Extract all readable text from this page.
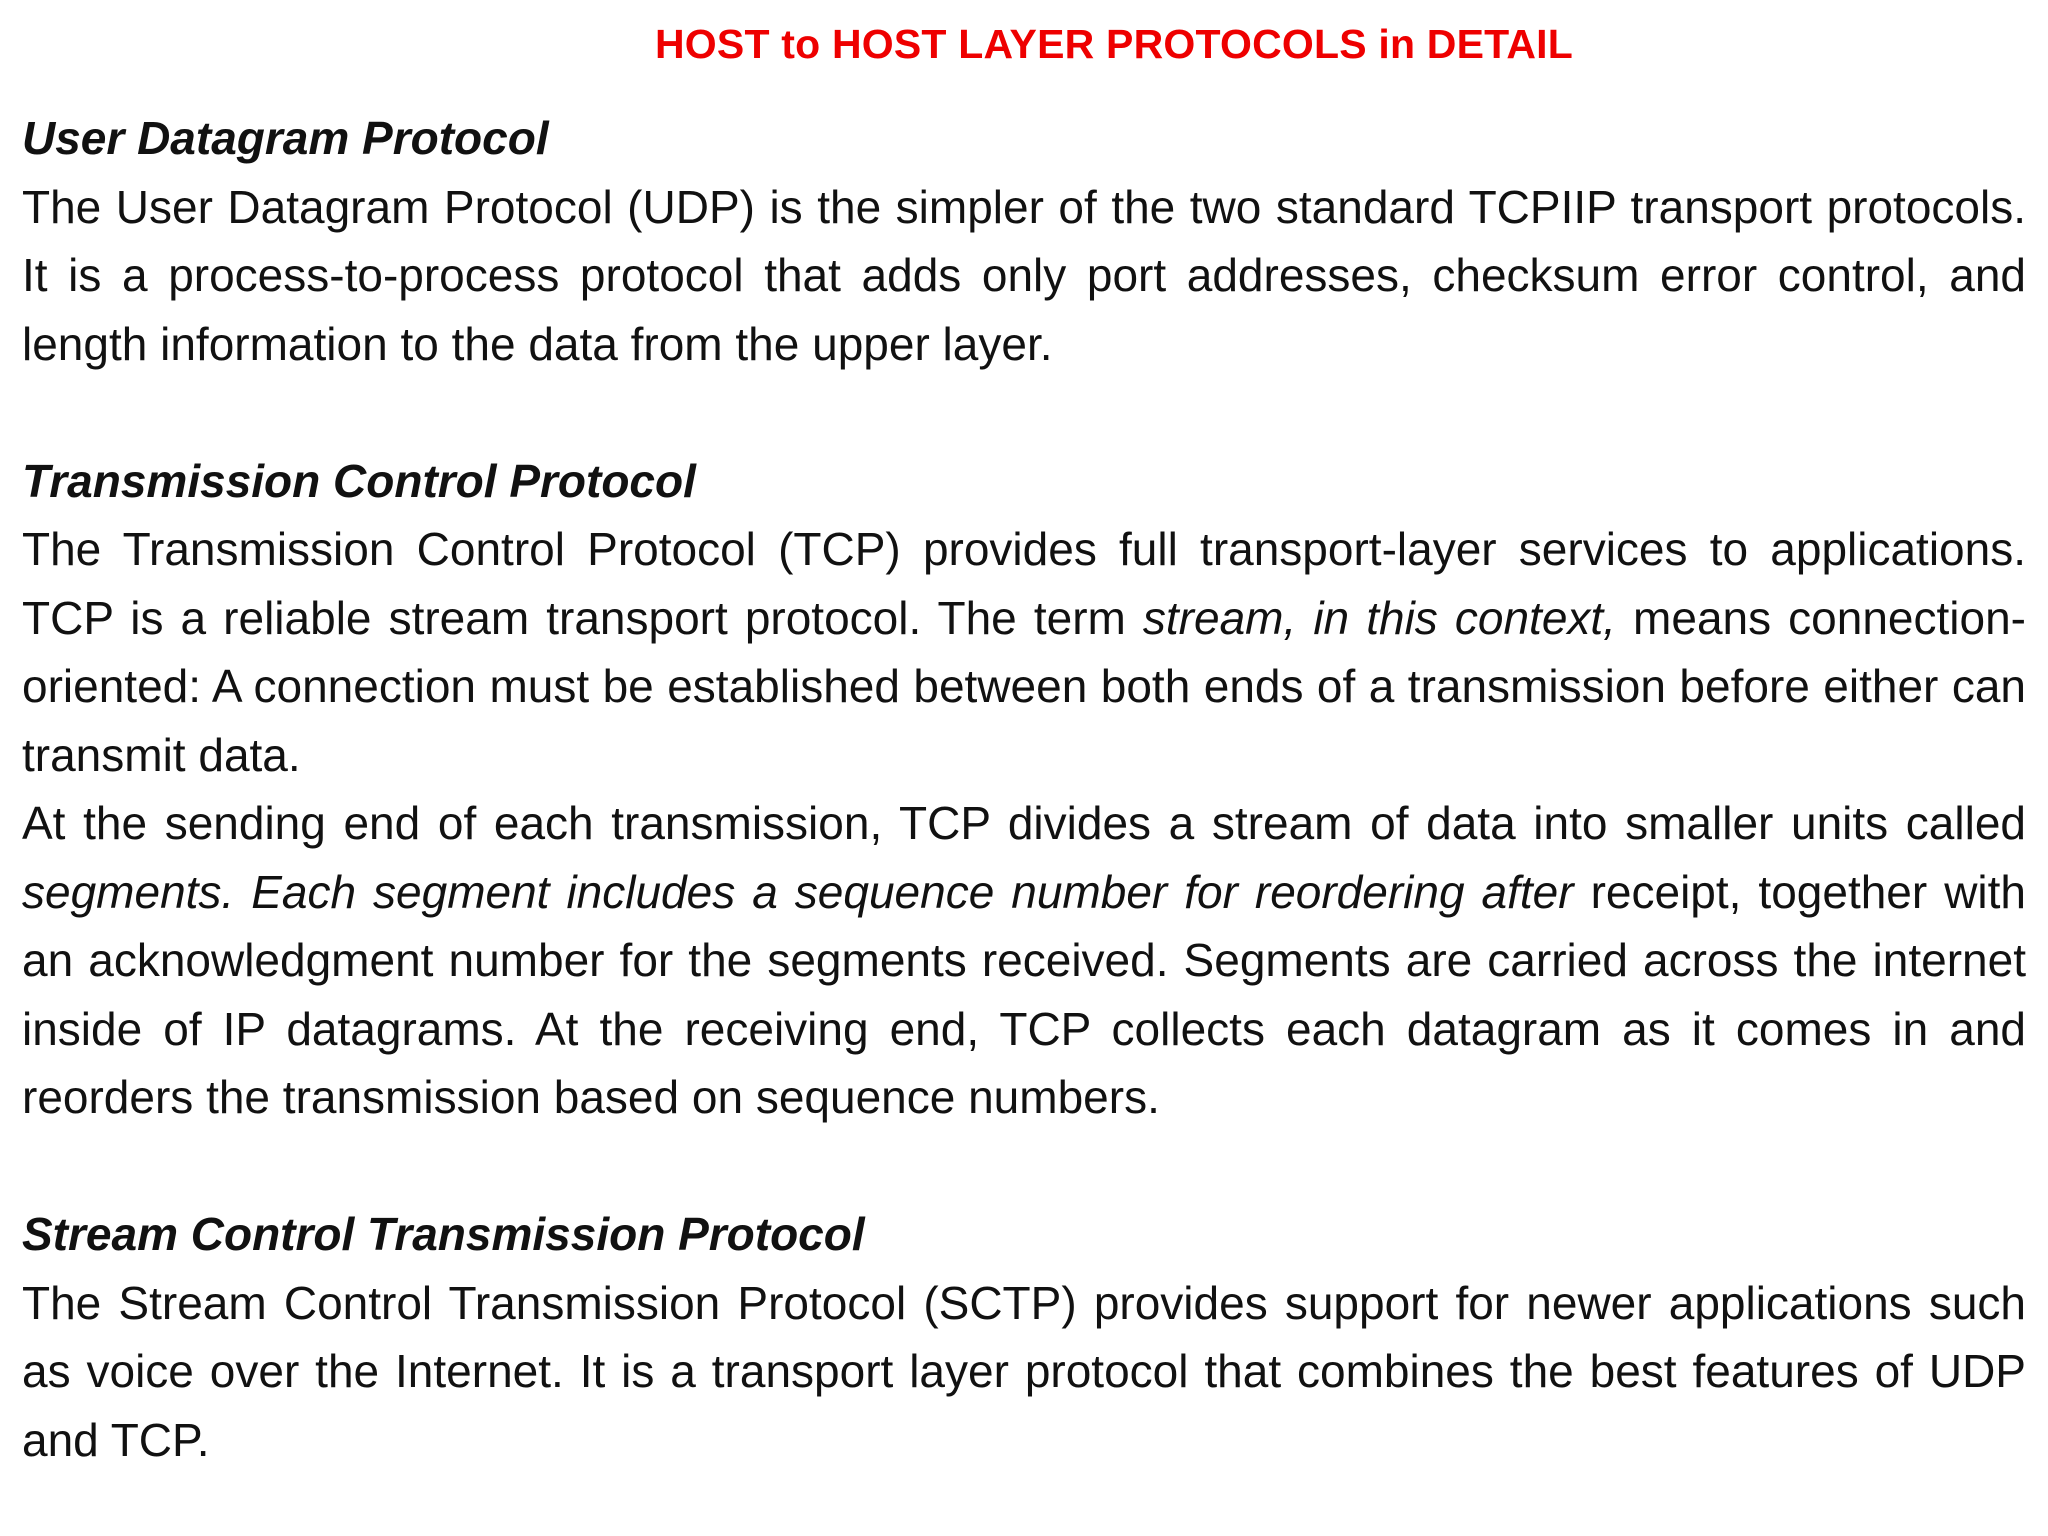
HOST to HOST LAYER PROTOCOLS in DETAIL

User Datagram Protocol

The User Datagram Protocol (UDP) is the simpler of the two standard TCPIIP transport protocols. It is a process-to-process protocol that adds only port addresses, checksum error control, and length information to the data from the upper layer.

Transmission Control Protocol

The Transmission Control Protocol (TCP) provides full transport-layer services to applications. TCP is a reliable stream transport protocol. The term stream, in this context, means connection-oriented: A connection must be established between both ends of a transmission before either can transmit data.

At the sending end of each transmission, TCP divides a stream of data into smaller units called segments. Each segment includes a sequence number for reordering after receipt, together with an acknowledgment number for the segments received. Segments are carried across the internet inside of IP datagrams. At the receiving end, TCP collects each datagram as it comes in and reorders the transmission based on sequence numbers.

Stream Control Transmission Protocol

The Stream Control Transmission Protocol (SCTP) provides support for newer applications such as voice over the Internet. It is a transport layer protocol that combines the best features of UDP and TCP.
